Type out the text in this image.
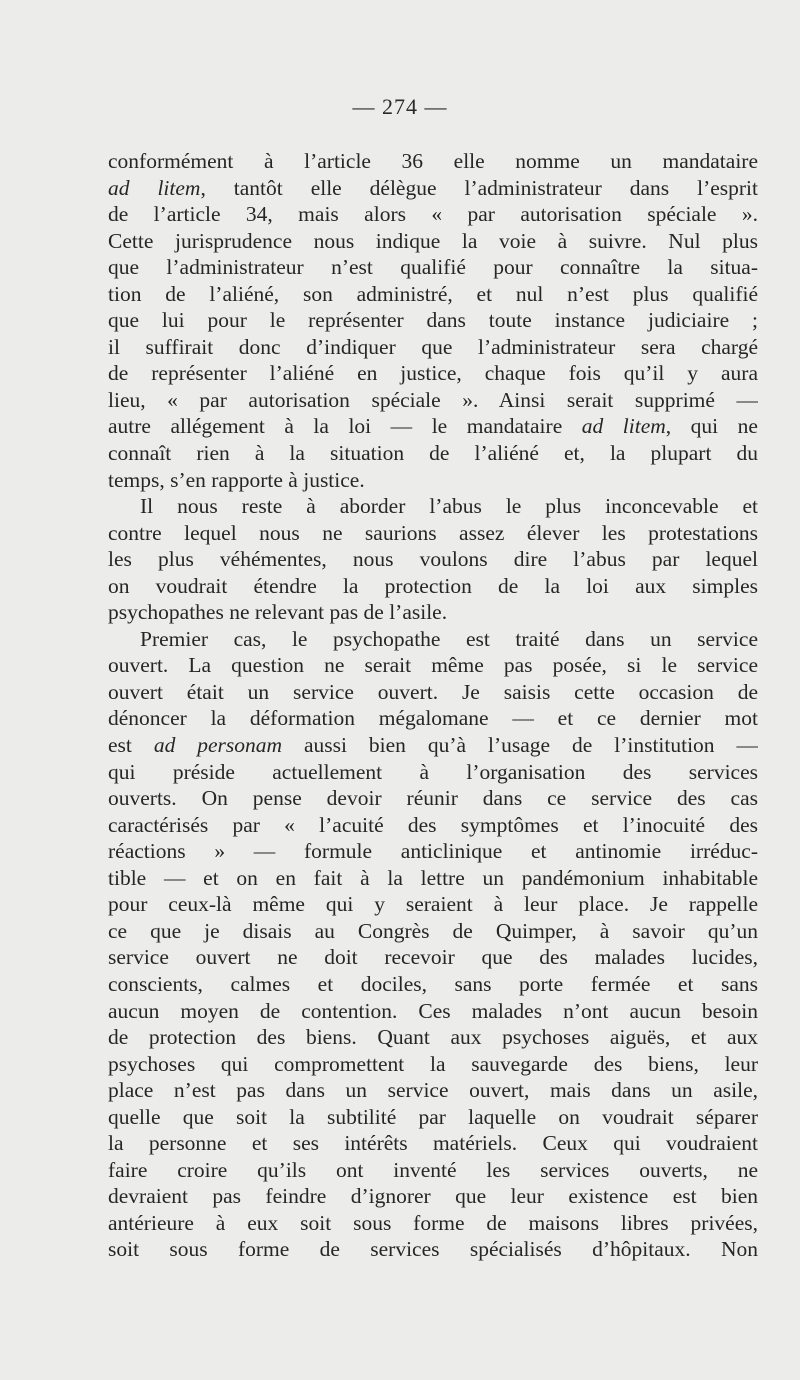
— 274 —
conformément à l’article 36 elle nomme un mandataire
ad litem, tantôt elle délègue l’administrateur dans l’esprit
de l’article 34, mais alors « par autorisation spéciale ».
Cette jurisprudence nous indique la voie à suivre. Nul plus
que l’administrateur n’est qualifié pour connaître la situa-
tion de l’aliéné, son administré, et nul n’est plus qualifié
que lui pour le représenter dans toute instance judiciaire ;
il suffirait donc d’indiquer que l’administrateur sera chargé
de représenter l’aliéné en justice, chaque fois qu’il y aura
lieu, « par autorisation spéciale ». Ainsi serait supprimé —
autre allégement à la loi — le mandataire ad litem, qui ne
connaît rien à la situation de l’aliéné et, la plupart du
temps, s’en rapporte à justice.
Il nous reste à aborder l’abus le plus inconcevable et
contre lequel nous ne saurions assez élever les protestations
les plus véhémentes, nous voulons dire l’abus par lequel
on voudrait étendre la protection de la loi aux simples
psychopathes ne relevant pas de l’asile.
Premier cas, le psychopathe est traité dans un service
ouvert. La question ne serait même pas posée, si le service
ouvert était un service ouvert. Je saisis cette occasion de
dénoncer la déformation mégalomane — et ce dernier mot
est ad personam aussi bien qu’à l’usage de l’institution —
qui préside actuellement à l’organisation des services
ouverts. On pense devoir réunir dans ce service des cas
caractérisés par « l’acuité des symptômes et l’inocuité des
réactions » — formule anticlinique et antinomie irréduc-
tible — et on en fait à la lettre un pandémonium inhabitable
pour ceux-là même qui y seraient à leur place. Je rappelle
ce que je disais au Congrès de Quimper, à savoir qu’un
service ouvert ne doit recevoir que des malades lucides,
conscients, calmes et dociles, sans porte fermée et sans
aucun moyen de contention. Ces malades n’ont aucun besoin
de protection des biens. Quant aux psychoses aiguës, et aux
psychoses qui compromettent la sauvegarde des biens, leur
place n’est pas dans un service ouvert, mais dans un asile,
quelle que soit la subtilité par laquelle on voudrait séparer
la personne et ses intérêts matériels. Ceux qui voudraient
faire croire qu’ils ont inventé les services ouverts, ne
devraient pas feindre d’ignorer que leur existence est bien
antérieure à eux soit sous forme de maisons libres privées,
soit sous forme de services spécialisés d’hôpitaux. Non
